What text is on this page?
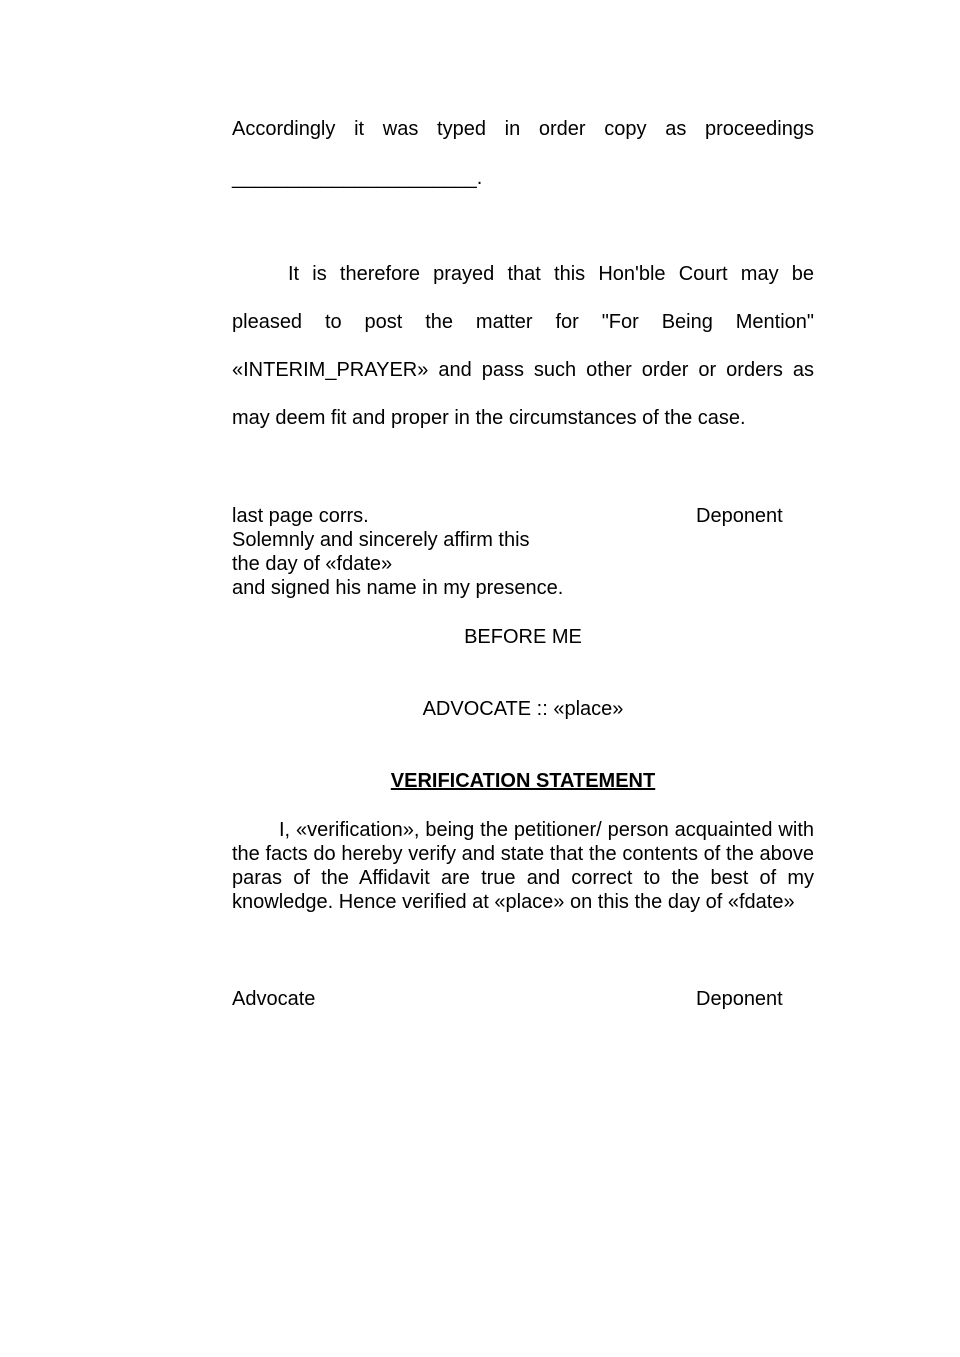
Accordingly it was typed in order copy as proceedings
______________________.
It is therefore prayed that this Hon'ble Court may be
pleased to post the matter for "For Being Mention"
«INTERIM_PRAYER» and pass such other order or orders as
may deem fit and proper in the circumstances of the case.
last page corrs.	Deponent
Solemnly and sincerely affirm this
the day of «fdate»
and signed his name in my presence.
BEFORE ME
ADVOCATE :: «place»
VERIFICATION STATEMENT

I, «verification», being the petitioner/ person acquainted with the facts do hereby verify and state that the contents of the above paras of the Affidavit are true and correct to the best of my knowledge. Hence verified at «place» on this the day of «fdate»

Advocate	Deponent
